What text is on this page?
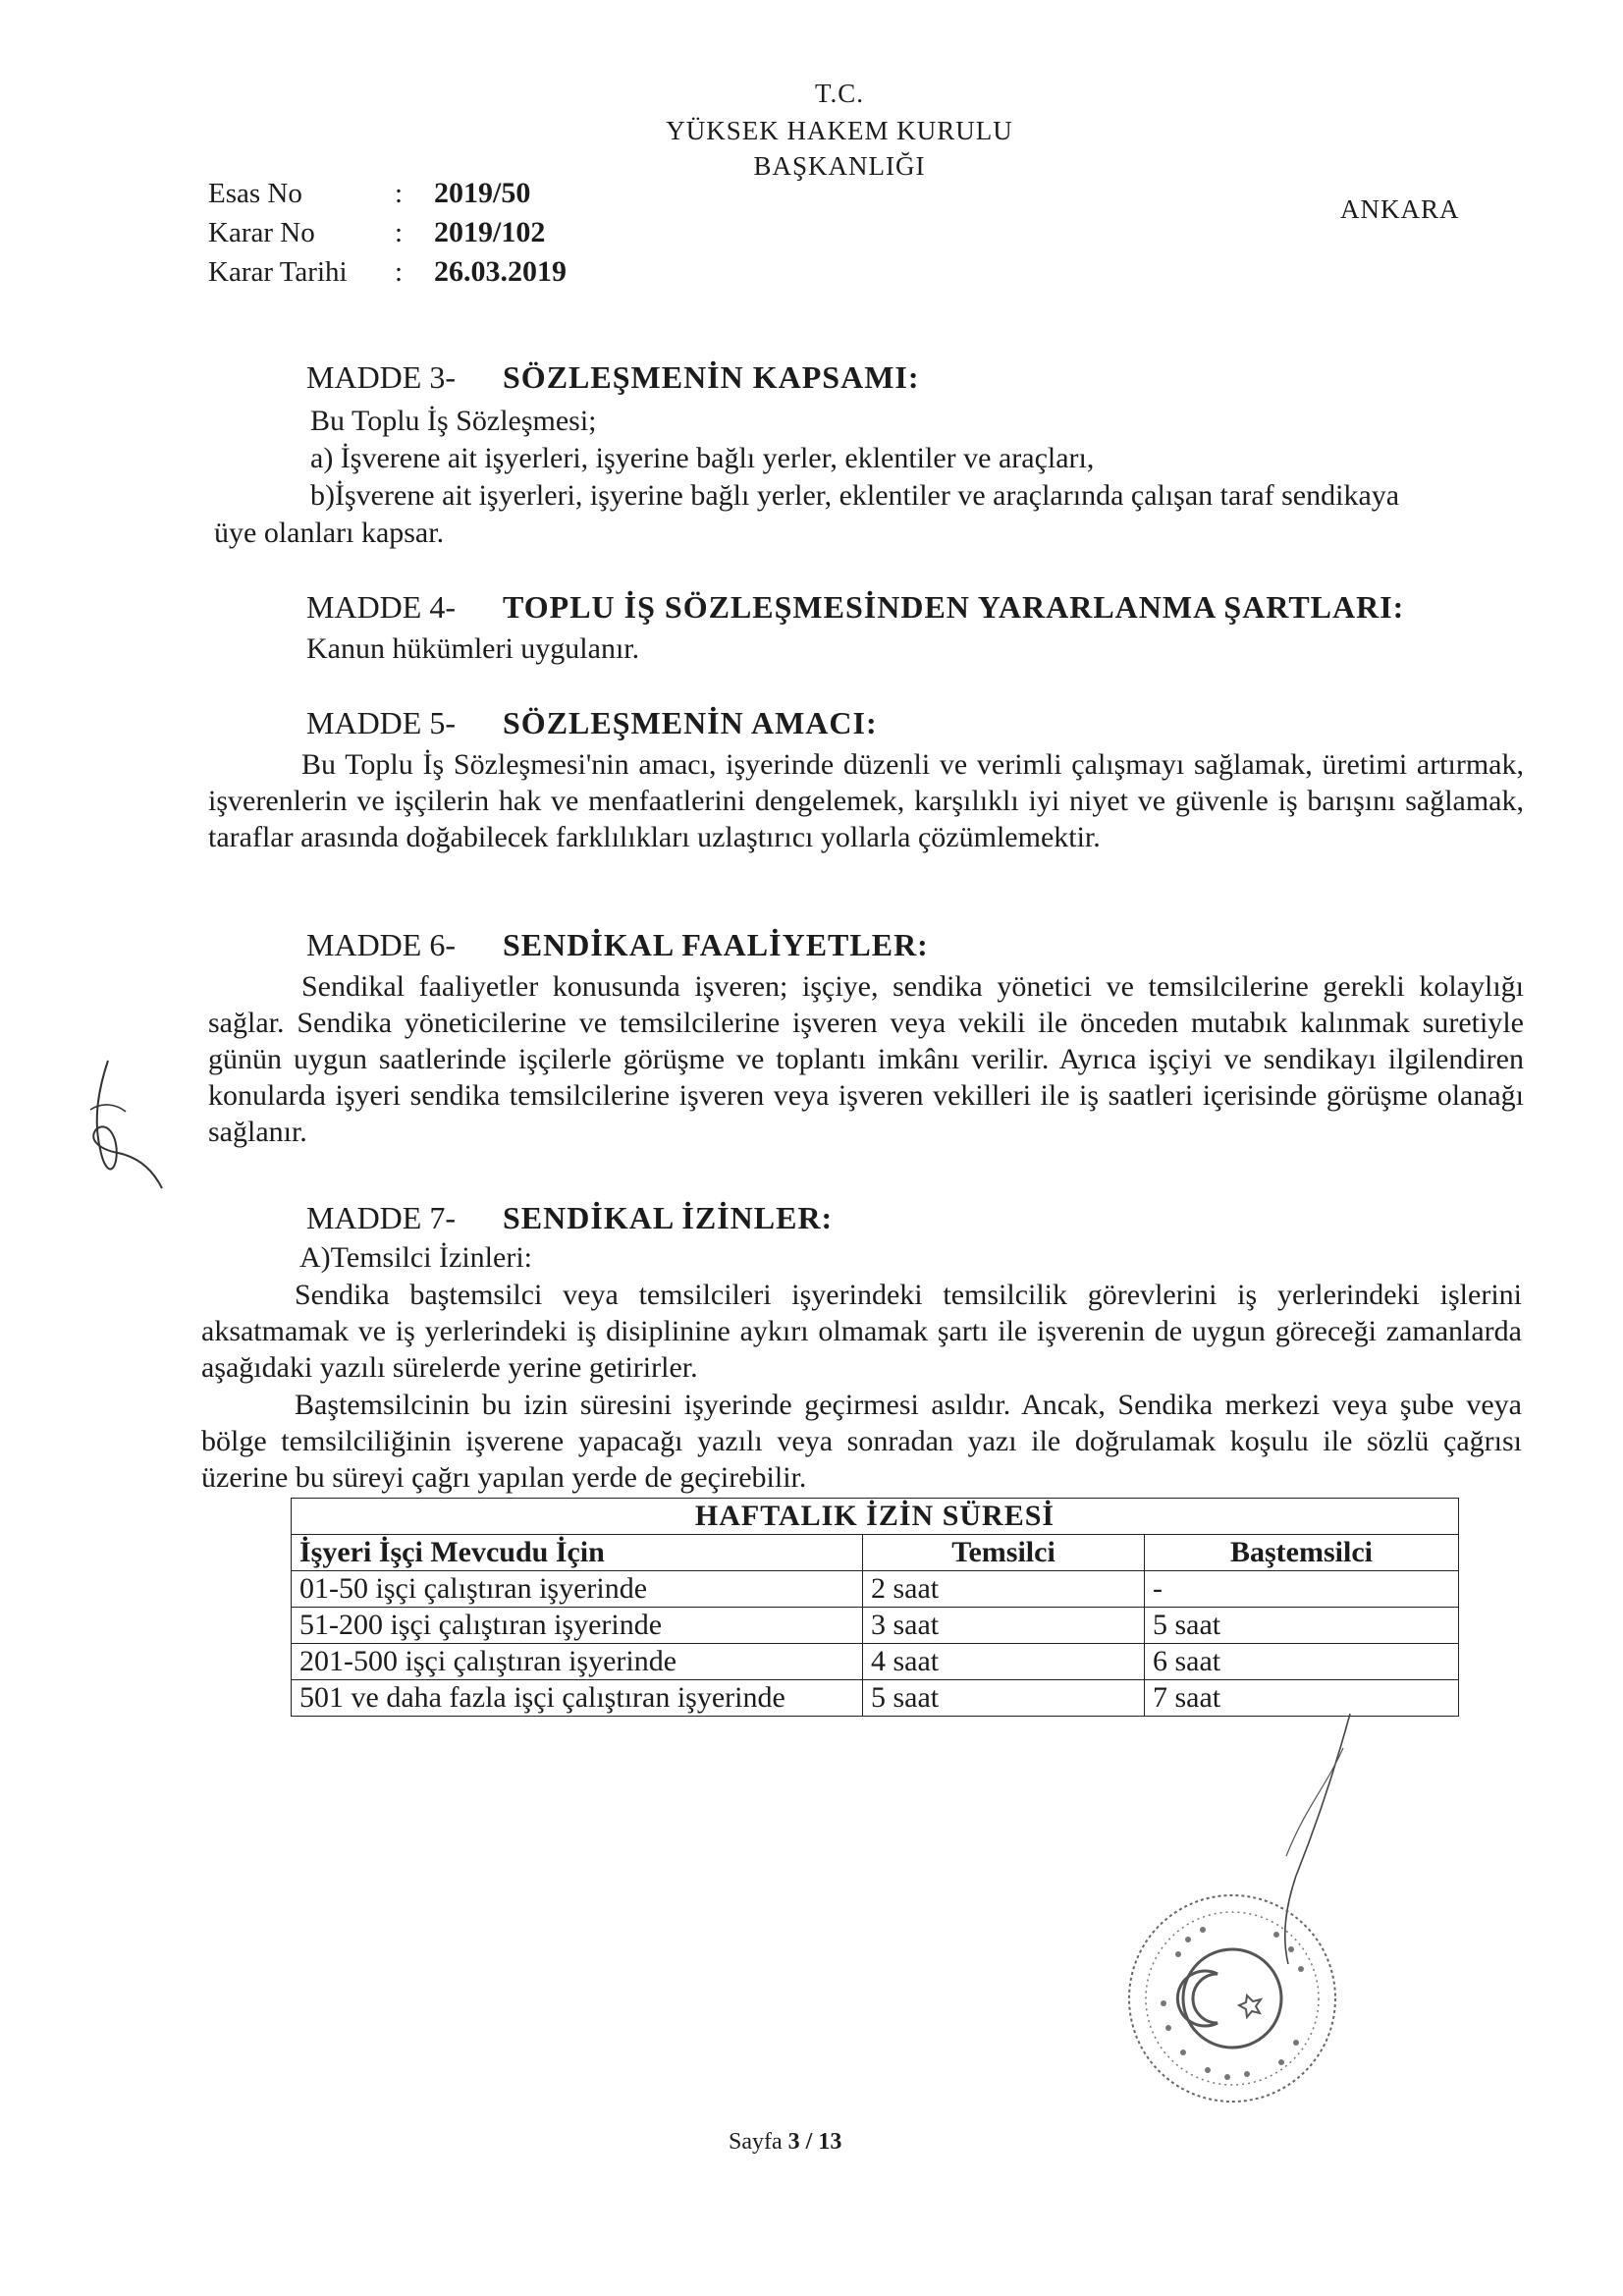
T.C.
YÜKSEK HAKEM KURULU
BAŞKANLIĞI
ANKARA
Esas No	: 2019/50
Karar No	: 2019/102
Karar Tarihi : 26.03.2019
MADDE 3- SÖZLEŞMENİN KAPSAMI:
Bu Toplu İş Sözleşmesi;
a) İşverene ait işyerleri, işyerine bağlı yerler, eklentiler ve araçları,
b)İşverene ait işyerleri, işyerine bağlı yerler, eklentiler ve araçlarında çalışan taraf sendikaya
üye olanları kapsar.
MADDE 4- TOPLU İŞ SÖZLEŞMESİNDEN YARARLANMA ŞARTLARI:
Kanun hükümleri uygulanır.
MADDE 5- SÖZLEŞMENİN AMACI:
Bu Toplu İş Sözleşmesi'nin amacı, işyerinde düzenli ve verimli çalışmayı sağlamak, üretimi artırmak, işverenlerin ve işçilerin hak ve menfaatlerini dengelemek, karşılıklı iyi niyet ve güvenle iş barışını sağlamak, taraflar arasında doğabilecek farklılıkları uzlaştırıcı yollarla çözümlemektir.
MADDE 6- SENDİKAL FAALİYETLER:
Sendikal faaliyetler konusunda işveren; işçiye, sendika yönetici ve temsilcilerine gerekli kolaylığı sağlar. Sendika yöneticilerine ve temsilcilerine işveren veya vekili ile önceden mutabık kalınmak suretiyle günün uygun saatlerinde işçilerle görüşme ve toplantı imkânı verilir. Ayrıca işçiyi ve sendikayı ilgilendiren konularda işyeri sendika temsilcilerine işveren veya işveren vekilleri ile iş saatleri içerisinde görüşme olanağı sağlanır.
MADDE 7- SENDİKAL İZİNLER:
A)Temsilci İzinleri:
Sendika baştemsilci veya temsilcileri işyerindeki temsilcilik görevlerini iş yerlerindeki işlerini aksatmamak ve iş yerlerindeki iş disiplinine aykırı olmamak şartı ile işverenin de uygun göreceği zamanlarda aşağıdaki yazılı sürelerde yerine getirirler.
Baştemsilcinin bu izin süresini işyerinde geçirmesi asıldır. Ancak, Sendika merkezi veya şube veya bölge temsilciliğinin işverene yapacağı yazılı veya sonradan yazı ile doğrulamak koşulu ile sözlü çağrısı üzerine bu süreyi çağrı yapılan yerde de geçirebilir.
HAFTALIK İZİN SÜRESİ		
İşyeri İşçi Mevcudu İçin	Temsilci	Baştemsilci
01-50 işçi çalıştıran işyerinde	2 saat	-
51-200 işçi çalıştıran işyerinde	3 saat	5 saat
201-500 işçi çalıştıran işyerinde	4 saat	6 saat
501 ve daha fazla işçi çalıştıran işyerinde	5 saat	7 saat
Sayfa 3 / 13
